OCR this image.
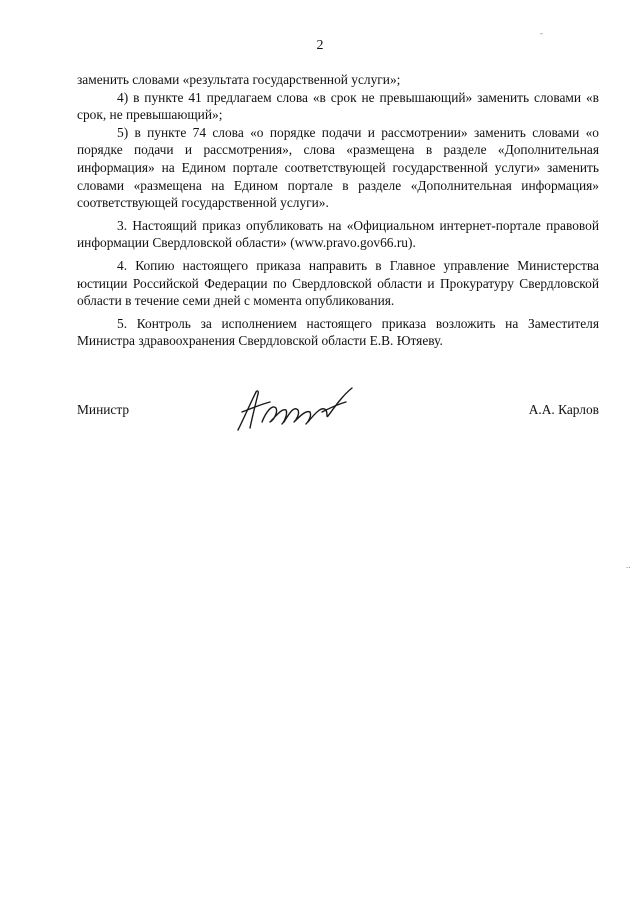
2

заменить словами «результата государственной услуги»;

4) в пункте 41 предлагаем слова «в срок не превышающий» заменить словами «в срок, не превышающий»;

5) в пункте 74 слова «о порядке подачи и рассмотрении» заменить словами «о порядке подачи и рассмотрения», слова «размещена в разделе «Дополнительная информация» на Едином портале соответствующей государственной услуги» заменить словами «размещена на Едином портале в разделе «Дополнительная информация» соответствующей государственной услуги».

3. Настоящий приказ опубликовать на «Официальном интернет-портале правовой информации Свердловской области» (www.pravo.gov66.ru).

4. Копию настоящего приказа направить в Главное управление Министерства юстиции Российской Федерации по Свердловской области и Прокуратуру Свердловской области в течение семи дней с момента опубликования.

5. Контроль за исполнением настоящего приказа возложить на Заместителя Министра здравоохранения Свердловской области Е.В. Ютяеву.

Министр	А.А. Карлов
-
..
